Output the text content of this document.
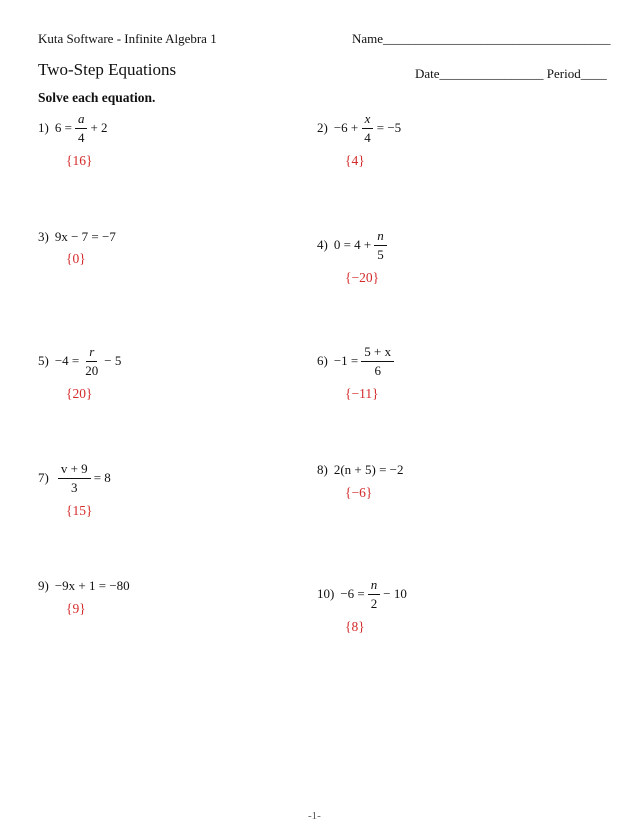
Kuta Software - Infinite Algebra 1	Name___________________________________
Two-Step Equations	Date________________ Period____
Solve each equation.
1) $6 = \frac{a}{4} + 2$
{16}
$2) -6 + \frac{x}{4} = -5$
{4}
3) 9x − 7 = −7
{0}
4) $0 = 4 + \frac{n}{5}$
{−20}
$5) -4 = \frac{r}{20} - 5$
{20}
$6) -1 = \frac{5 + x}{6}$
{−11}
$7) \frac{v + 9}{3} = 8$
{15}
8) 2(n + 5) = −2
{−6}
9) −9x + 1 = −80
{9}
$10) -6 = \frac{n}{2} - 10$
{8}
-1-
